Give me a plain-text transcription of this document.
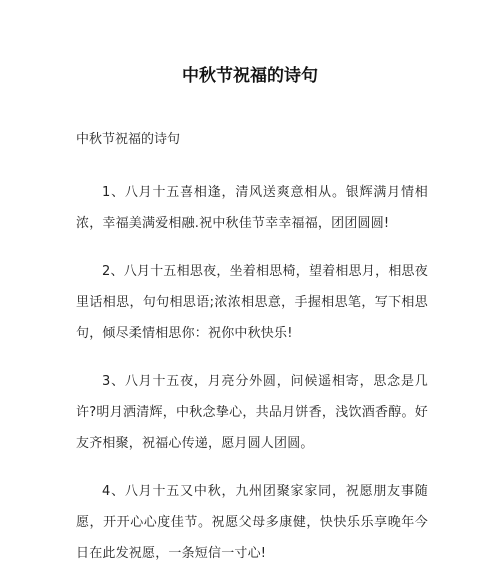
中秋节祝福的诗句
中秋节祝福的诗句
1、八月十五喜相逢，清风送爽意相从。银辉满月情相浓，幸福美满爱相融.祝中秋佳节幸幸福福，团团圆圆!
2、八月十五相思夜，坐着相思椅，望着相思月，相思夜里话相思，句句相思语;浓浓相思意，手握相思笔，写下相思句，倾尽柔情相思你：祝你中秋快乐!
3、八月十五夜，月亮分外圆，问候遥相寄，思念是几许?明月洒清辉，中秋念挚心，共品月饼香，浅饮酒香醇。好友齐相聚，祝福心传递，愿月圆人团圆。
4、八月十五又中秋，九州团聚家家同，祝愿朋友事随愿，开开心心度佳节。祝愿父母多康健，快快乐乐享晚年今日在此发祝愿，一条短信一寸心!
